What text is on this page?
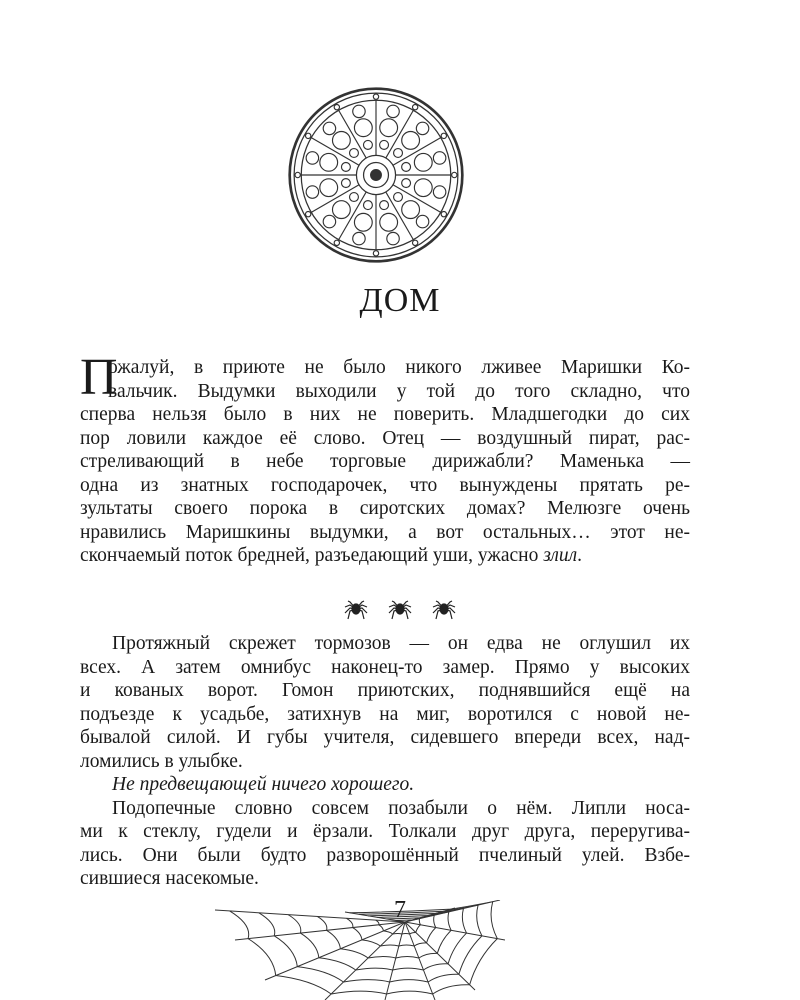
ДОМ
П
ожалуй, в приюте не было никого лживее Маришки Ко-
вальчик. Выдумки выходили у той до того складно, что
сперва нельзя было в них не поверить. Младшегодки до сих
пор ловили каждое её слово. Отец — воздушный пират, рас-
стреливающий в небе торговые дирижабли? Маменька —
одна из знатных господарочек, что вынуждены прятать ре-
зультаты своего порока в сиротских домах? Мелюзге очень
нравились Маришкины выдумки, а вот остальных… этот не-
скончаемый поток бредней, разъедающий уши, ужасно злил.
Протяжный скрежет тормозов — он едва не оглушил их
всех. А затем омнибус наконец-то замер. Прямо у высоких
и кованых ворот. Гомон приютских, поднявшийся ещё на
подъезде к усадьбе, затихнув на миг, воротился с новой не-
бывалой силой. И губы учителя, сидевшего впереди всех, над-
ломились в улыбке.
Не предвещающей ничего хорошего.
Подопечные словно совсем позабыли о нём. Липли носа-
ми к стеклу, гудели и ёрзали. Толкали друг друга, переругива-
лись. Они были будто разворошённый пчелиный улей. Взбе-
сившиеся насекомые.
7
